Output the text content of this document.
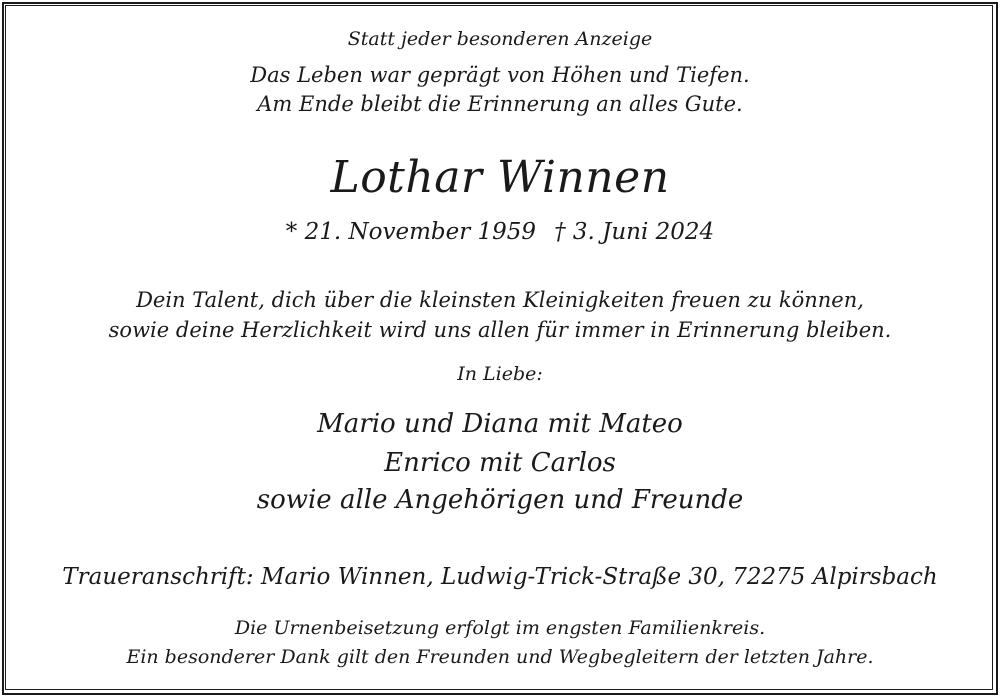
Statt jeder besonderen Anzeige
Das Leben war geprägt von Höhen und Tiefen.
Am Ende bleibt die Erinnerung an alles Gute.
Lothar Winnen
* 21. November 1959 † 3. Juni 2024
Dein Talent, dich über die kleinsten Kleinigkeiten freuen zu können,
sowie deine Herzlichkeit wird uns allen für immer in Erinnerung bleiben.
In Liebe:
Mario und Diana mit Mateo
Enrico mit Carlos
sowie alle Angehörigen und Freunde
Traueranschrift: Mario Winnen, Ludwig-Trick-Straße 30, 72275 Alpirsbach
Die Urnenbeisetzung erfolgt im engsten Familienkreis.
Ein besonderer Dank gilt den Freunden und Wegbegleitern der letzten Jahre.
